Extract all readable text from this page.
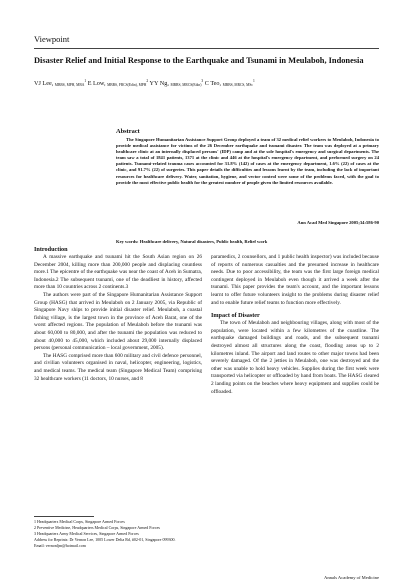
Viewpoint
Disaster Relief and Initial Response to the Earthquake and Tsunami in Meulaboh, Indonesia
VJ Lee, $_{MBBS, MPH, MBA}^1$ E Low, $_{MBBS, FRCS(Edin), MPH}^2$ YY Ng, $_{MBBS, MRCS(Edin)}^3$ C Teo, $_{MBBS, MRCS, MSc}^1$
Abstract
The Singapore Humanitarian Assistance Support Group deployed a team of 32 medical relief workers to Meulaboh, Indonesia to provide medical assistance for victims of the 26 December earthquake and tsunami disaster. The team was deployed at a primary healthcare clinic at an internally displaced persons' (IDP) camp and at the sole hospital's emergency and surgical departments. The team saw a total of 1841 patients, 1371 at the clinic and 446 at the hospital's emergency department, and performed surgery on 24 patients. Tsunami-related trauma cases accounted for 31.8% (142) of cases at the emergency department, 1.6% (22) of cases at the clinic, and 91.7% (22) of surgeries. This paper details the difficulties and lessons learnt by the team, including the lack of important resources for healthcare delivery. Water, sanitation, hygiene, and vector control were some of the problems faced, with the goal to provide the most effective public health for the greatest number of people given the limited resources available.
Ann Acad Med Singapore 2005;34:586-90
Key words: Healthcare delivery, Natural disasters, Public health, Relief work
Introduction

A massive earthquake and tsunami hit the South Asian region on 26 December 2004, killing more than 200,000 people and displacing countless more.1 The epicentre of the earthquake was near the coast of Aceh in Sumatra, Indonesia.2 The subsequent tsunami, one of the deadliest in history, affected more than 10 countries across 2 continents.3

The authors were part of the Singapore Humanitarian Assistance Support Group (HASG) that arrived in Meulaboh on 2 January 2005, via Republic of Singapore Navy ships to provide initial disaster relief. Meulaboh, a coastal fishing village, is the largest town in the province of Aceh Barat, one of the worst affected regions. The population of Meulaboh before the tsunami was about 60,000 to 80,000, and after the tsunami the population was reduced to about 40,000 to 45,000, which included about 29,000 internally displaced persons (personal communication – local government, 2005).

The HASG comprised more than 600 military and civil defence personnel, and civilian volunteers organised in naval, helicopter, engineering, logistics, and medical teams. The medical team (Singapore Medical Team) comprising 32 healthcare workers (11 doctors, 10 nurses, and 8

paramedics, 2 counsellors, and 1 public health inspector) was included because of reports of numerous casualties and the presumed increase in healthcare needs. Due to poor accessibility, the team was the first large foreign medical contingent deployed in Meulaboh even though it arrived a week after the tsunami. This paper provides the team's account, and the important lessons learnt to offer future volunteers insight to the problems during disaster relief and to enable future relief teams to function more effectively.

Impact of Disaster

The town of Meulaboh and neighbouring villages, along with most of the population, were located within a few kilometres of the coastline. The earthquake damaged buildings and roads, and the subsequent tsunami destroyed almost all structures along the coast, flooding areas up to 2 kilometres inland. The airport and land routes to other major towns had been severely damaged. Of the 2 jetties in Meulaboh, one was destroyed and the other was unable to hold heavy vehicles. Supplies during the first week were transported via helicopter or offloaded by hand from boats. The HASG cleared 2 landing points on the beaches where heavy equipment and supplies could be offloaded.

1 Headquarters Medical Corps, Singapore Armed Forces
2 Preventive Medicine, Headquarters Medical Corps, Singapore Armed Forces
3 Headquarters Army Medical Services, Singapore Armed Forces
Address for Reprints: Dr Vernon Lee, 1005 Lower Delta Rd, #02-01, Singapore 099300.
Email: vernonljm@hotmail.com
Annals Academy of Medicine
